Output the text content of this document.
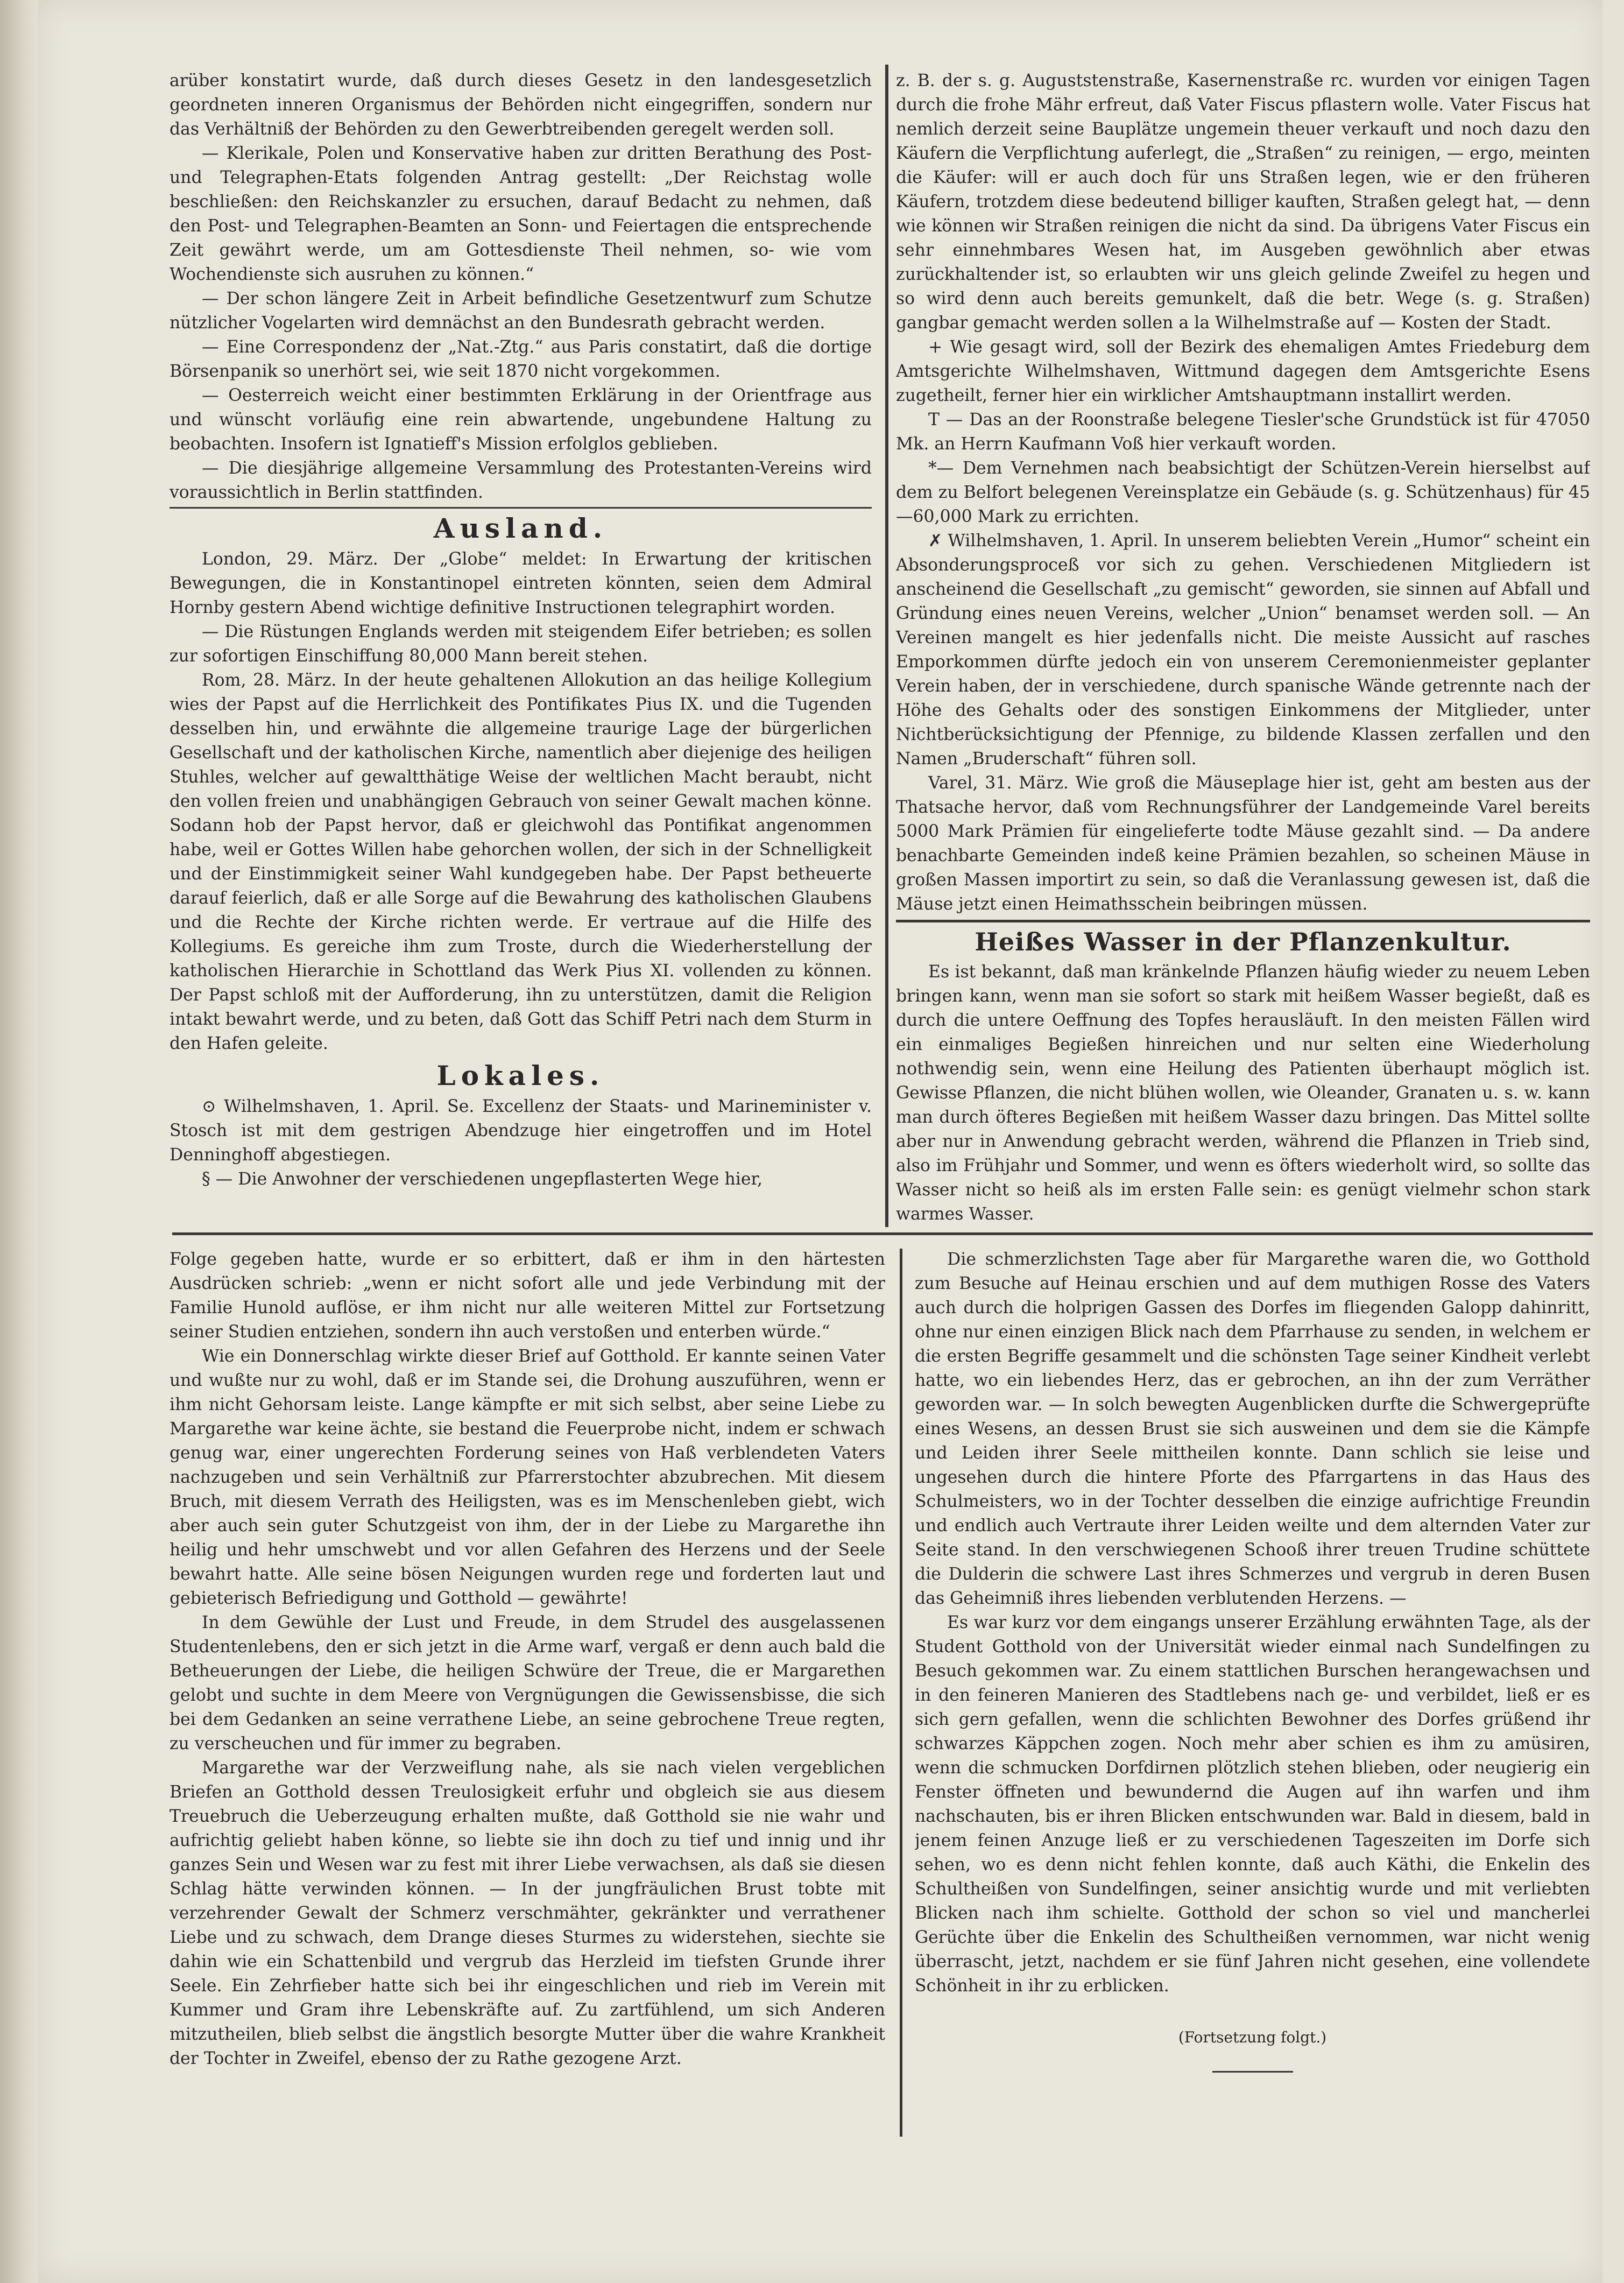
arüber konstatirt wurde, daß durch dieses Gesetz in den landesgesetzlich geordneten inneren Organismus der Behörden nicht eingegriffen, sondern nur das Verhältniß der Behörden zu den Gewerbtreibenden geregelt werden soll.

— Klerikale, Polen und Konservative haben zur dritten Berathung des Post- und Telegraphen-Etats folgenden Antrag gestellt: „Der Reichstag wolle beschließen: den Reichskanzler zu ersuchen, darauf Bedacht zu nehmen, daß den Post- und Telegraphen-Beamten an Sonn- und Feiertagen die entsprechende Zeit gewährt werde, um am Gottesdienste Theil nehmen, so- wie vom Wochendienste sich ausruhen zu können.“

— Der schon längere Zeit in Arbeit befindliche Gesetzentwurf zum Schutze nützlicher Vogelarten wird demnächst an den Bundesrath gebracht werden.

— Eine Correspondenz der „Nat.-Ztg.“ aus Paris constatirt, daß die dortige Börsenpanik so unerhört sei, wie seit 1870 nicht vorgekommen.

— Oesterreich weicht einer bestimmten Erklärung in der Orientfrage aus und wünscht vorläufig eine rein abwartende, ungebundene Haltung zu beobachten. Insofern ist Ignatieff's Mission erfolglos geblieben.

— Die diesjährige allgemeine Versammlung des Protestanten-Vereins wird voraussichtlich in Berlin stattfinden.

Ausland.

London, 29. März. Der „Globe“ meldet: In Erwartung der kritischen Bewegungen, die in Konstantinopel eintreten könnten, seien dem Admiral Hornby gestern Abend wichtige definitive Instructionen telegraphirt worden.

— Die Rüstungen Englands werden mit steigendem Eifer betrieben; es sollen zur sofortigen Einschiffung 80,000 Mann bereit stehen.

Rom, 28. März. In der heute gehaltenen Allokution an das heilige Kollegium wies der Papst auf die Herrlichkeit des Pontifikates Pius IX. und die Tugenden desselben hin, und erwähnte die allgemeine traurige Lage der bürgerlichen Gesellschaft und der katholischen Kirche, namentlich aber diejenige des heiligen Stuhles, welcher auf gewaltthätige Weise der weltlichen Macht beraubt, nicht den vollen freien und unabhängigen Gebrauch von seiner Gewalt machen könne. Sodann hob der Papst hervor, daß er gleichwohl das Pontifikat angenommen habe, weil er Gottes Willen habe gehorchen wollen, der sich in der Schnelligkeit und der Einstimmigkeit seiner Wahl kundgegeben habe. Der Papst betheuerte darauf feierlich, daß er alle Sorge auf die Bewahrung des katholischen Glaubens und die Rechte der Kirche richten werde. Er vertraue auf die Hilfe des Kollegiums. Es gereiche ihm zum Troste, durch die Wiederherstellung der katholischen Hierarchie in Schottland das Werk Pius XI. vollenden zu können. Der Papst schloß mit der Aufforderung, ihn zu unterstützen, damit die Religion intakt bewahrt werde, und zu beten, daß Gott das Schiff Petri nach dem Sturm in den Hafen geleite.

Lokales.

⊙ Wilhelmshaven, 1. April. Se. Excellenz der Staats- und Marineminister v. Stosch ist mit dem gestrigen Abendzuge hier eingetroffen und im Hotel Denninghoff abgestiegen.

§ — Die Anwohner der verschiedenen ungepflasterten Wege hier,

z. B. der s. g. Auguststenstraße, Kasernenstraße rc. wurden vor einigen Tagen durch die frohe Mähr erfreut, daß Vater Fiscus pflastern wolle. Vater Fiscus hat nemlich derzeit seine Bauplätze ungemein theuer verkauft und noch dazu den Käufern die Verpflichtung auferlegt, die „Straßen“ zu reinigen, — ergo, meinten die Käufer: will er auch doch für uns Straßen legen, wie er den früheren Käufern, trotzdem diese bedeutend billiger kauften, Straßen gelegt hat, — denn wie können wir Straßen reinigen die nicht da sind. Da übrigens Vater Fiscus ein sehr einnehmbares Wesen hat, im Ausgeben gewöhnlich aber etwas zurückhaltender ist, so erlaubten wir uns gleich gelinde Zweifel zu hegen und so wird denn auch bereits gemunkelt, daß die betr. Wege (s. g. Straßen) gangbar gemacht werden sollen a la Wilhelmstraße auf — Kosten der Stadt.

+ Wie gesagt wird, soll der Bezirk des ehemaligen Amtes Friedeburg dem Amtsgerichte Wilhelmshaven, Wittmund dagegen dem Amtsgerichte Esens zugetheilt, ferner hier ein wirklicher Amtshauptmann installirt werden.

T — Das an der Roonstraße belegene Tiesler'sche Grundstück ist für 47050 Mk. an Herrn Kaufmann Voß hier verkauft worden.

*— Dem Vernehmen nach beabsichtigt der Schützen-Verein hierselbst auf dem zu Belfort belegenen Vereinsplatze ein Gebäude (s. g. Schützenhaus) für 45—60,000 Mark zu errichten.

✗ Wilhelmshaven, 1. April. In unserem beliebten Verein „Humor“ scheint ein Absonderungsproceß vor sich zu gehen. Verschiedenen Mitgliedern ist anscheinend die Gesellschaft „zu gemischt“ geworden, sie sinnen auf Abfall und Gründung eines neuen Vereins, welcher „Union“ benamset werden soll. — An Vereinen mangelt es hier jedenfalls nicht. Die meiste Aussicht auf rasches Emporkommen dürfte jedoch ein von unserem Ceremonienmeister geplanter Verein haben, der in verschiedene, durch spanische Wände getrennte nach der Höhe des Gehalts oder des sonstigen Einkommens der Mitglieder, unter Nichtberücksichtigung der Pfennige, zu bildende Klassen zerfallen und den Namen „Bruderschaft“ führen soll.

Varel, 31. März. Wie groß die Mäuseplage hier ist, geht am besten aus der Thatsache hervor, daß vom Rechnungsführer der Landgemeinde Varel bereits 5000 Mark Prämien für eingelieferte todte Mäuse gezahlt sind. — Da andere benachbarte Gemeinden indeß keine Prämien bezahlen, so scheinen Mäuse in großen Massen importirt zu sein, so daß die Veranlassung gewesen ist, daß die Mäuse jetzt einen Heimathsschein beibringen müssen.

Heißes Wasser in der Pflanzenkultur.

Es ist bekannt, daß man kränkelnde Pflanzen häufig wieder zu neuem Leben bringen kann, wenn man sie sofort so stark mit heißem Wasser begießt, daß es durch die untere Oeffnung des Topfes herausläuft. In den meisten Fällen wird ein einmaliges Begießen hinreichen und nur selten eine Wiederholung nothwendig sein, wenn eine Heilung des Patienten überhaupt möglich ist. Gewisse Pflanzen, die nicht blühen wollen, wie Oleander, Granaten u. s. w. kann man durch öfteres Begießen mit heißem Wasser dazu bringen. Das Mittel sollte aber nur in Anwendung gebracht werden, während die Pflanzen in Trieb sind, also im Frühjahr und Sommer, und wenn es öfters wiederholt wird, so sollte das Wasser nicht so heiß als im ersten Falle sein: es genügt vielmehr schon stark warmes Wasser.

Folge gegeben hatte, wurde er so erbittert, daß er ihm in den härtesten Ausdrücken schrieb: „wenn er nicht sofort alle und jede Verbindung mit der Familie Hunold auflöse, er ihm nicht nur alle weiteren Mittel zur Fortsetzung seiner Studien entziehen, sondern ihn auch verstoßen und enterben würde.“

Wie ein Donnerschlag wirkte dieser Brief auf Gotthold. Er kannte seinen Vater und wußte nur zu wohl, daß er im Stande sei, die Drohung auszuführen, wenn er ihm nicht Gehorsam leiste. Lange kämpfte er mit sich selbst, aber seine Liebe zu Margarethe war keine ächte, sie bestand die Feuerprobe nicht, indem er schwach genug war, einer ungerechten Forderung seines von Haß verblendeten Vaters nachzugeben und sein Verhältniß zur Pfarrerstochter abzubrechen. Mit diesem Bruch, mit diesem Verrath des Heiligsten, was es im Menschenleben giebt, wich aber auch sein guter Schutzgeist von ihm, der in der Liebe zu Margarethe ihn heilig und hehr umschwebt und vor allen Gefahren des Herzens und der Seele bewahrt hatte. Alle seine bösen Neigungen wurden rege und forderten laut und gebieterisch Befriedigung und Gotthold — gewährte!

In dem Gewühle der Lust und Freude, in dem Strudel des ausgelassenen Studentenlebens, den er sich jetzt in die Arme warf, vergaß er denn auch bald die Betheuerungen der Liebe, die heiligen Schwüre der Treue, die er Margarethen gelobt und suchte in dem Meere von Vergnügungen die Gewissensbisse, die sich bei dem Gedanken an seine verrathene Liebe, an seine gebrochene Treue regten, zu verscheuchen und für immer zu begraben.

Margarethe war der Verzweiflung nahe, als sie nach vielen vergeblichen Briefen an Gotthold dessen Treulosigkeit erfuhr und obgleich sie aus diesem Treuebruch die Ueberzeugung erhalten mußte, daß Gotthold sie nie wahr und aufrichtig geliebt haben könne, so liebte sie ihn doch zu tief und innig und ihr ganzes Sein und Wesen war zu fest mit ihrer Liebe verwachsen, als daß sie diesen Schlag hätte verwinden können. — In der jungfräulichen Brust tobte mit verzehrender Gewalt der Schmerz verschmähter, gekränkter und verrathener Liebe und zu schwach, dem Drange dieses Sturmes zu widerstehen, siechte sie dahin wie ein Schattenbild und vergrub das Herzleid im tiefsten Grunde ihrer Seele. Ein Zehrfieber hatte sich bei ihr eingeschlichen und rieb im Verein mit Kummer und Gram ihre Lebenskräfte auf. Zu zartfühlend, um sich Anderen mitzutheilen, blieb selbst die ängstlich besorgte Mutter über die wahre Krankheit der Tochter in Zweifel, ebenso der zu Rathe gezogene Arzt.

Die schmerzlichsten Tage aber für Margarethe waren die, wo Gotthold zum Besuche auf Heinau erschien und auf dem muthigen Rosse des Vaters auch durch die holprigen Gassen des Dorfes im fliegenden Galopp dahinritt, ohne nur einen einzigen Blick nach dem Pfarrhause zu senden, in welchem er die ersten Begriffe gesammelt und die schönsten Tage seiner Kindheit verlebt hatte, wo ein liebendes Herz, das er gebrochen, an ihn der zum Verräther geworden war. — In solch bewegten Augenblicken durfte die Schwergeprüfte eines Wesens, an dessen Brust sie sich ausweinen und dem sie die Kämpfe und Leiden ihrer Seele mittheilen konnte. Dann schlich sie leise und ungesehen durch die hintere Pforte des Pfarrgartens in das Haus des Schulmeisters, wo in der Tochter desselben die einzige aufrichtige Freundin und endlich auch Vertraute ihrer Leiden weilte und dem alternden Vater zur Seite stand. In den verschwiegenen Schooß ihrer treuen Trudine schüttete die Dulderin die schwere Last ihres Schmerzes und vergrub in deren Busen das Geheimniß ihres liebenden verblutenden Herzens. —

Es war kurz vor dem eingangs unserer Erzählung erwähnten Tage, als der Student Gotthold von der Universität wieder einmal nach Sundelfingen zu Besuch gekommen war. Zu einem stattlichen Burschen herangewachsen und in den feineren Manieren des Stadtlebens nach ge- und verbildet, ließ er es sich gern gefallen, wenn die schlichten Bewohner des Dorfes grüßend ihr schwarzes Käppchen zogen. Noch mehr aber schien es ihm zu amüsiren, wenn die schmucken Dorfdirnen plötzlich stehen blieben, oder neugierig ein Fenster öffneten und bewundernd die Augen auf ihn warfen und ihm nachschauten, bis er ihren Blicken entschwunden war. Bald in diesem, bald in jenem feinen Anzuge ließ er zu verschiedenen Tageszeiten im Dorfe sich sehen, wo es denn nicht fehlen konnte, daß auch Käthi, die Enkelin des Schultheißen von Sundelfingen, seiner ansichtig wurde und mit verliebten Blicken nach ihm schielte. Gotthold der schon so viel und mancherlei Gerüchte über die Enkelin des Schultheißen vernommen, war nicht wenig überrascht, jetzt, nachdem er sie fünf Jahren nicht gesehen, eine vollendete Schönheit in ihr zu erblicken.

(Fortsetzung folgt.)
